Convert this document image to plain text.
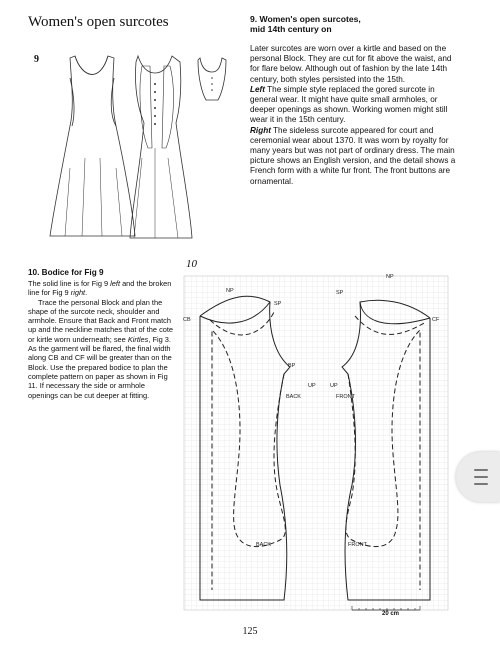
Women's open surcotes
9
9. Women's open surcotes,
mid 14th century on

Later surcotes are worn over a kirtle and based on the personal Block. They are cut for fit above the waist, and for flare below. Although out of fashion by the late 14th century, both styles persisted into the 15th.

Left The simple style replaced the gored surcote in general wear. It might have quite small armholes, or deeper openings as shown. Working women might still wear it in the 15th century.

Right The sideless surcote appeared for court and ceremonial wear about 1370. It was worn by royalty for many years but was not part of ordinary dress. The main picture shows an English version, and the detail shows a French form with a white fur front. The front buttons are ornamental.

10. Bodice for Fig 9

The solid line is for Fig 9 left and the broken line for Fig 9 right.

Trace the personal Block and plan the shape of the surcote neck, shoulder and armhole. Ensure that Back and Front match up and the neckline matches that of the cote or kirtle worn underneath; see Kirtles, Fig 3. As the garment will be flared, the final width along CB and CF will be greater than on the Block. Use the prepared bodice to plan the complete pattern on paper as shown in Fig 11. If necessary the side or armhole openings can be cut deeper at fitting.

10
NP
SP
CB
BP
UP
BACK
UP
FRONT
SP
NP
CF
BACK	FRONT
20 cm
125
